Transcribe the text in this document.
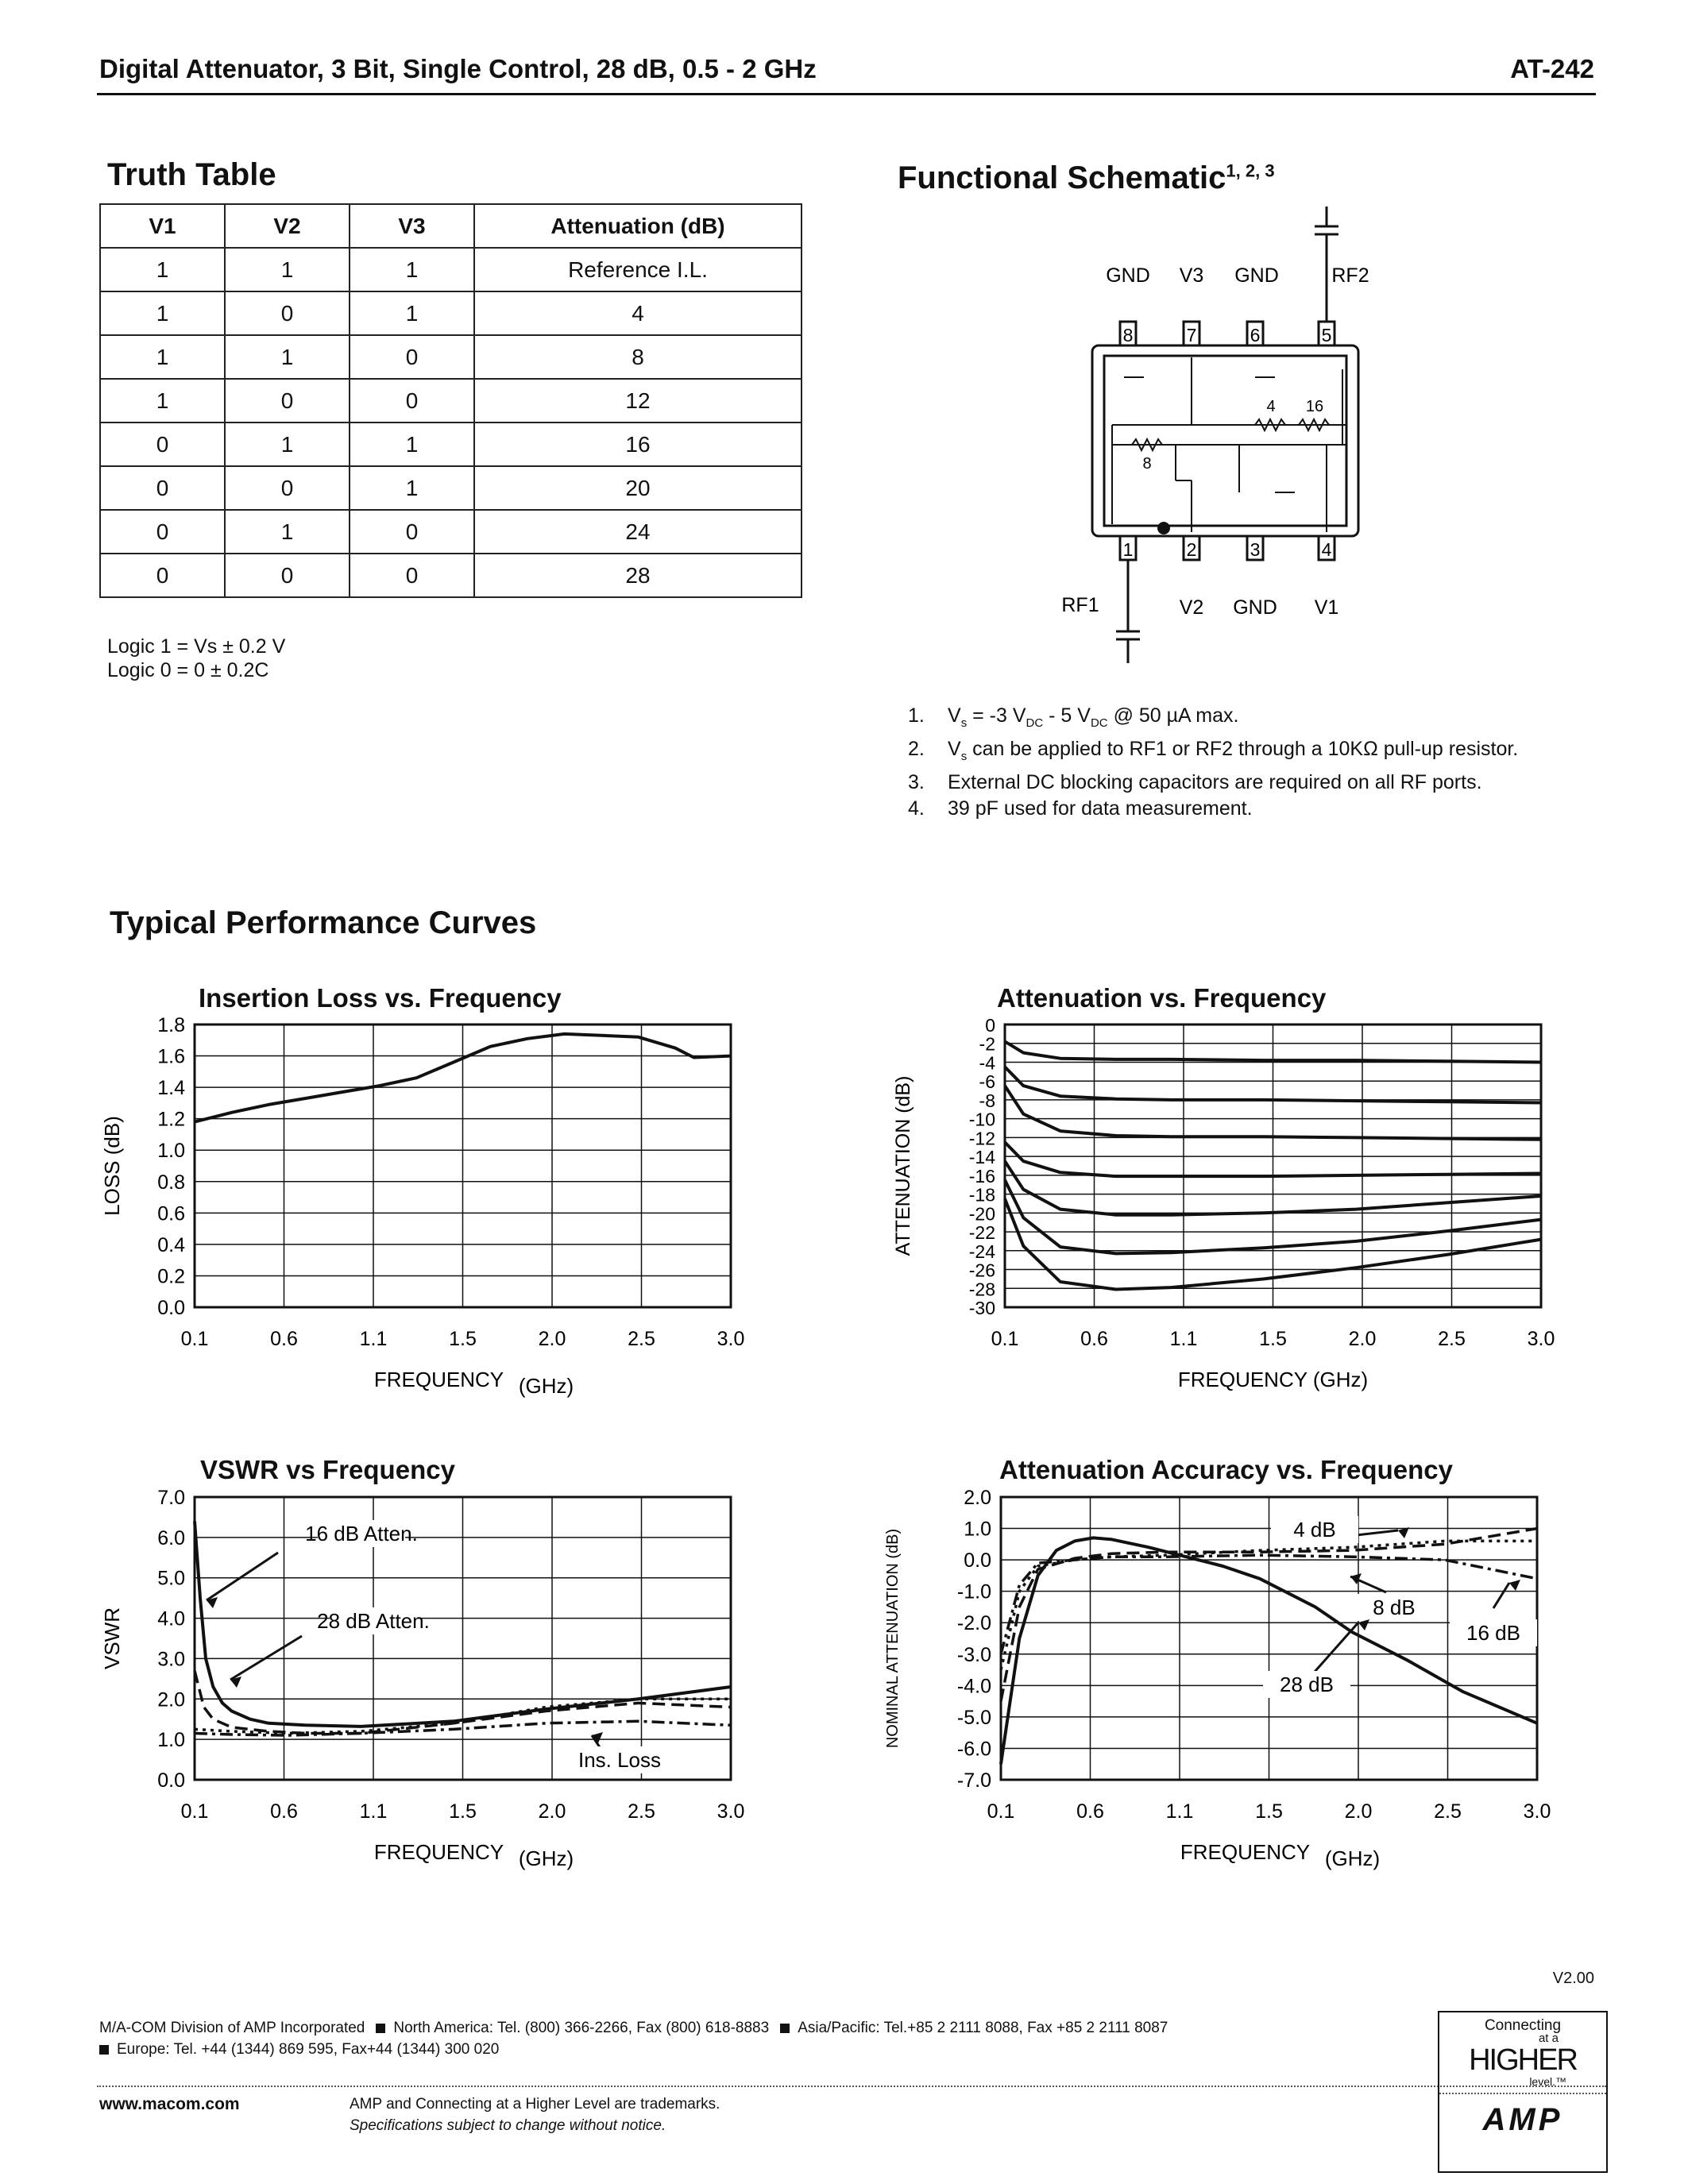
Digital Attenuator, 3 Bit, Single Control, 28 dB, 0.5 - 2 GHz	AT-242
Truth Table
V1	V2	V3	Attenuation (dB)
1	1	1	Reference I.L.
1	0	1	4
1	1	0	8
1	0	0	12
0	1	1	16
0	0	1	20
0	1	0	24
0	0	0	28
Logic 1 = Vs ± 0.2 V
Logic 0 = 0 ± 0.2C
Functional Schematic$^{1, 2, 3}$
GND V3 GND	RF2
8	7	6	5
1	2	3	4
RF1	V2 GND V1
4 16
8
1.	$V_s = -3$ $V_{DC} - 5$ $V_{DC}$ @ 50 µA max.
2.	$V_s$ can be applied to RF1 or RF2 through a 10KΩ pull-up resistor.
3.	External DC blocking capacitors are required on all RF ports.
4.	39 pF used for data measurement.
Typical Performance Curves
Insertion Loss vs. Frequency
1.8
1.6
1.4
1.2
1.0
0.8
0.6
0.4
0.2
0.0
0.1	0.6	1.1	1.5	2.0	2.5	3.0
FREQUENCY (GHz)
LOSS (dB)
Attenuation vs. Frequency
0
-2
-4
-6
-8
-10
-12
-14
-16
-18
-20
-22
-24
-26
-28
-30
0.1	0.6	1.1	1.5	2.0	2.5	3.0
FREQUENCY (GHz)
ATTENUATION (dB)
VSWR vs Frequency
7.0
6.0
5.0
4.0
3.0
2.0
1.0
0.0
0.1	0.6	1.1	1.5	2.0	2.5	3.0
FREQUENCY (GHz)
VSWR
16 dB Atten.
28 dB Atten.
Ins. Loss
Attenuation Accuracy vs. Frequency
2.0
1.0
0.0
-1.0
-2.0
-3.0
-4.0
-5.0
-6.0
-7.0
0.1	0.6	1.1	1.5	2.0	2.5	3.0
FREQUENCY (GHz)
NOMINAL ATTENUATION (dB)	4 dB
8 dB
16 dB
28 dB
V2.00
M/A-COM Division of AMP Incorporated North America: Tel. (800) 366-2266, Fax (800) 618-8883 Asia/Pacific: Tel.+85 2 2111 8088, Fax +85 2 2111 8087
Europe: Tel. +44 (1344) 869 595, Fax+44 (1344) 300 020
www.macom.com	AMP and Connecting at a Higher Level are trademarks.
Specifications subject to change without notice.
Connecting
at a
HIGHER
level.™
AMP
